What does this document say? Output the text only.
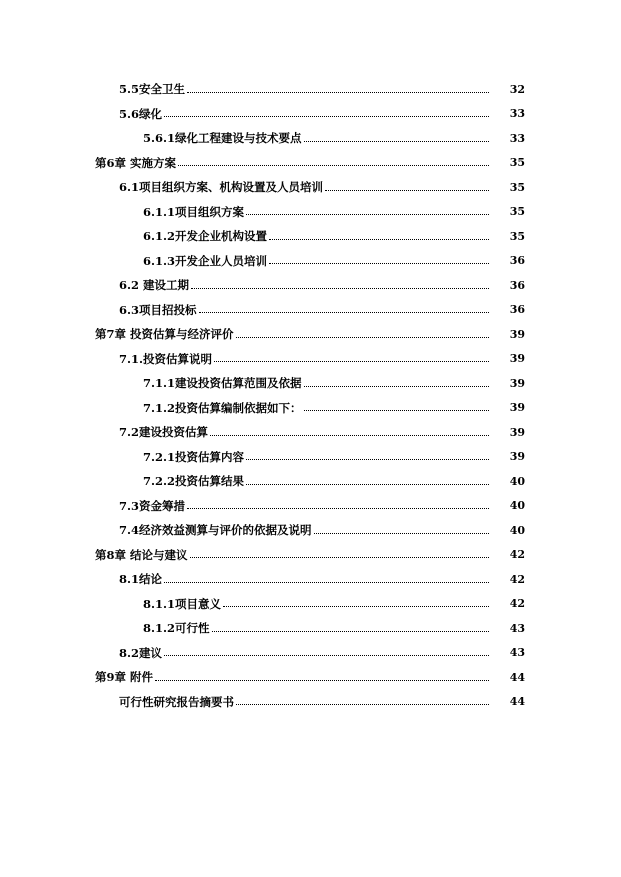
5.5安全卫生	32
5.6绿化	33
5.6.1绿化工程建设与技术要点	33
第6章 实施方案	35
6.1项目组织方案、机构设置及人员培训	35
6.1.1项目组织方案	35
6.1.2开发企业机构设置	35
6.1.3开发企业人员培训	36
6.2 建设工期	36
6.3项目招投标	36
第7章 投资估算与经济评价	39
7.1.投资估算说明	39
7.1.1建设投资估算范围及依据	39
7.1.2投资估算编制依据如下：	39
7.2建设投资估算	39
7.2.1投资估算内容	39
7.2.2投资估算结果	40
7.3资金筹措	40
7.4经济效益测算与评价的依据及说明	40
第8章 结论与建议	42
8.1结论	42
8.1.1项目意义	42
8.1.2可行性	43
8.2建议	43
第9章 附件	44
可行性研究报告摘要书	44
